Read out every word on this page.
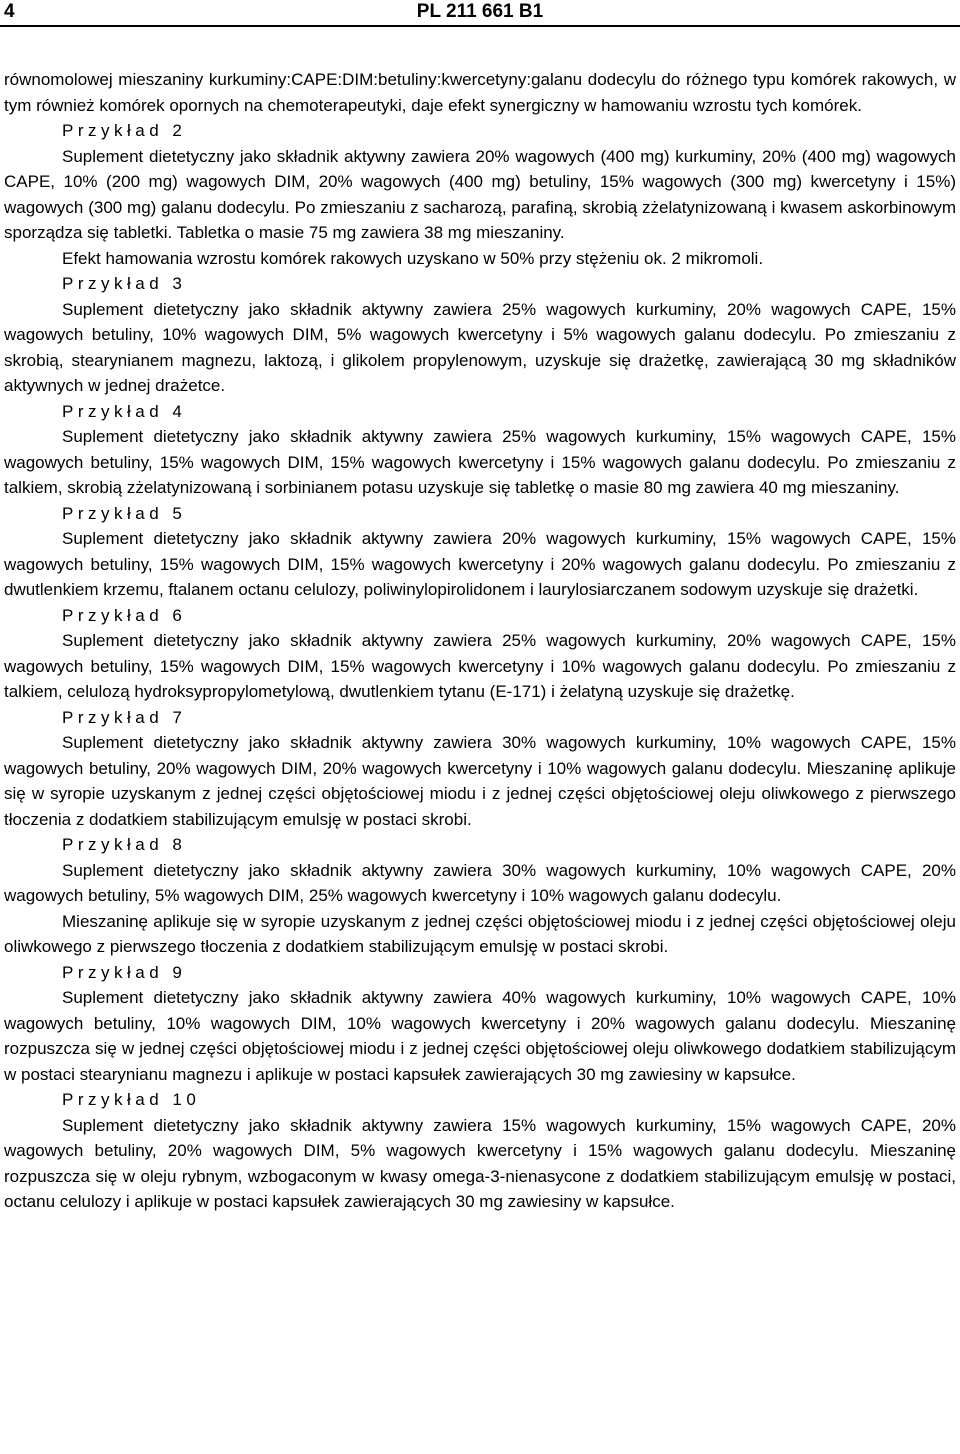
4	PL 211 661 B1

równomolowej mieszaniny kurkuminy:CAPE:DIM:betuliny:kwercetyny:galanu dodecylu do różnego typu komórek rakowych, w tym również komórek opornych na chemoterapeutyki, daje efekt synergiczny w hamowaniu wzrostu tych komórek.

Przykład 2

Suplement dietetyczny jako składnik aktywny zawiera 20% wagowych (400 mg) kurkuminy, 20% (400 mg) wagowych CAPE, 10% (200 mg) wagowych DIM, 20% wagowych (400 mg) betuliny, 15% wagowych (300 mg) kwercetyny i 15%) wagowych (300 mg) galanu dodecylu. Po zmieszaniu z sacharozą, parafiną, skrobią zżelatynizowaną i kwasem askorbinowym sporządza się tabletki. Tabletka o masie 75 mg zawiera 38 mg mieszaniny.

Efekt hamowania wzrostu komórek rakowych uzyskano w 50% przy stężeniu ok. 2 mikromoli.

Przykład 3

Suplement dietetyczny jako składnik aktywny zawiera 25% wagowych kurkuminy, 20% wagowych CAPE, 15% wagowych betuliny, 10% wagowych DIM, 5% wagowych kwercetyny i 5% wagowych galanu dodecylu. Po zmieszaniu z skrobią, stearynianem magnezu, laktozą, i glikolem propylenowym, uzyskuje się drażetkę, zawierającą 30 mg składników aktywnych w jednej drażetce.

Przykład 4

Suplement dietetyczny jako składnik aktywny zawiera 25% wagowych kurkuminy, 15% wagowych CAPE, 15% wagowych betuliny, 15% wagowych DIM, 15% wagowych kwercetyny i 15% wagowych galanu dodecylu. Po zmieszaniu z talkiem, skrobią zżelatynizowaną i sorbinianem potasu uzyskuje się tabletkę o masie 80 mg zawiera 40 mg mieszaniny.

Przykład 5

Suplement dietetyczny jako składnik aktywny zawiera 20% wagowych kurkuminy, 15% wagowych CAPE, 15% wagowych betuliny, 15% wagowych DIM, 15% wagowych kwercetyny i 20% wagowych galanu dodecylu. Po zmieszaniu z dwutlenkiem krzemu, ftalanem octanu celulozy, poliwinylopirolidonem i laurylosiarczanem sodowym uzyskuje się drażetki.

Przykład 6

Suplement dietetyczny jako składnik aktywny zawiera 25% wagowych kurkuminy, 20% wagowych CAPE, 15% wagowych betuliny, 15% wagowych DIM, 15% wagowych kwercetyny i 10% wagowych galanu dodecylu. Po zmieszaniu z talkiem, celulozą hydroksypropylometylową, dwutlenkiem tytanu (E-171) i żelatyną uzyskuje się drażetkę.

Przykład 7

Suplement dietetyczny jako składnik aktywny zawiera 30% wagowych kurkuminy, 10% wagowych CAPE, 15% wagowych betuliny, 20% wagowych DIM, 20% wagowych kwercetyny i 10% wagowych galanu dodecylu. Mieszaninę aplikuje się w syropie uzyskanym z jednej części objętościowej miodu i z jednej części objętościowej oleju oliwkowego z pierwszego tłoczenia z dodatkiem stabilizującym emulsję w postaci skrobi.

Przykład 8

Suplement dietetyczny jako składnik aktywny zawiera 30% wagowych kurkuminy, 10% wagowych CAPE, 20% wagowych betuliny, 5% wagowych DIM, 25% wagowych kwercetyny i 10% wagowych galanu dodecylu.

Mieszaninę aplikuje się w syropie uzyskanym z jednej części objętościowej miodu i z jednej części objętościowej oleju oliwkowego z pierwszego tłoczenia z dodatkiem stabilizującym emulsję w postaci skrobi.

Przykład 9

Suplement dietetyczny jako składnik aktywny zawiera 40% wagowych kurkuminy, 10% wagowych CAPE, 10% wagowych betuliny, 10% wagowych DIM, 10% wagowych kwercetyny i 20% wagowych galanu dodecylu. Mieszaninę rozpuszcza się w jednej części objętościowej miodu i z jednej części objętościowej oleju oliwkowego dodatkiem stabilizującym w postaci stearynianu magnezu i aplikuje w postaci kapsułek zawierających 30 mg zawiesiny w kapsułce.

Przykład 10

Suplement dietetyczny jako składnik aktywny zawiera 15% wagowych kurkuminy, 15% wagowych CAPE, 20% wagowych betuliny, 20% wagowych DIM, 5% wagowych kwercetyny i 15% wagowych galanu dodecylu. Mieszaninę rozpuszcza się w oleju rybnym, wzbogaconym w kwasy omega-3-nienasycone z dodatkiem stabilizującym emulsję w postaci, octanu celulozy i aplikuje w postaci kapsułek zawierających 30 mg zawiesiny w kapsułce.
